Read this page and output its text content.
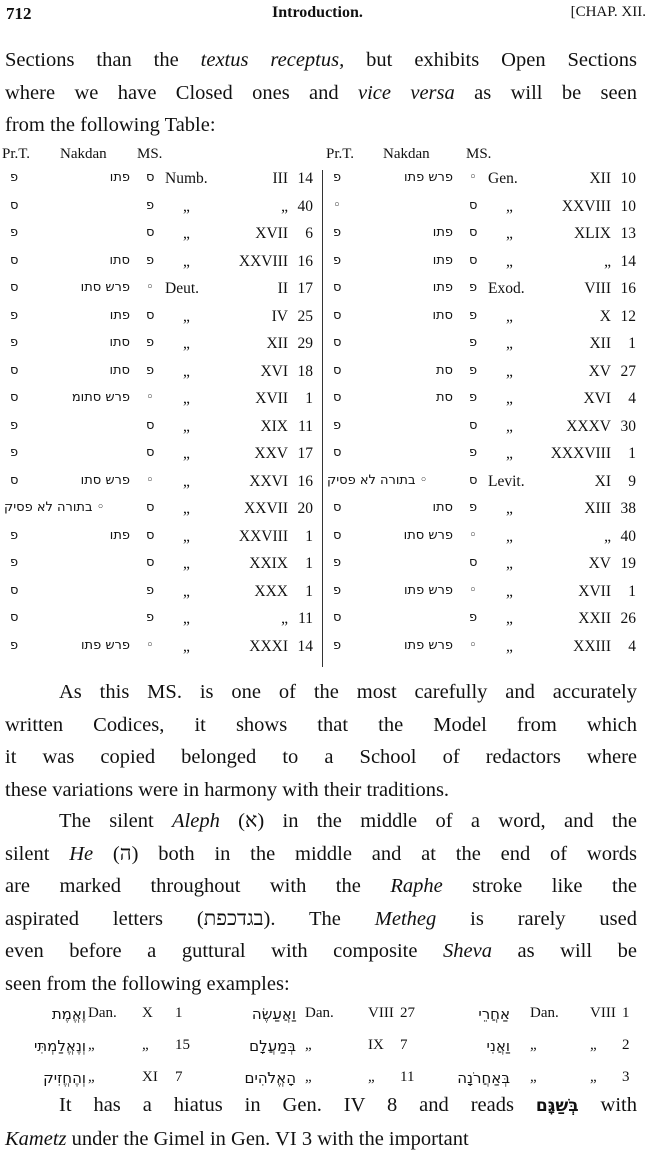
712	Introduction.	[CHAP. XII.
Sections than the textus receptus, but exhibits Open Sections
where we have Closed ones and vice versa as will be seen
from the following Table:
Pr.T. Nakdan MS.	Pr.T. Nakdan MS.
פ	פתו ס Numb.	III 14
ס	פ „	„ 40
פ	ס „	XVII 6
ס	סתו פ „	XXVIII 16
ס	פרש סתו ◦ Deut.	II 17
פ	פתו ס „	IV 25
פ	סתו פ „	XII 29
ס	סתו פ „	XVI 18
ס	פרש סתומ ◦ „	XVII 1
פ	ס „	XIX 11
פ	ס „	XXV 17
ס	פרש סתו ◦ „	XXVI 16
◦ בתורה לא פסיק	ס „	XXVII 20
פ	פתו ס „	XXVIII 1
פ	ס „	XXIX 1
ס	פ „	XXX 1
ס	פ „	„ 11
פ	פרש פתו ◦ „	XXXI 14
פ	פרש פתו ◦ Gen.	XII 10
◦	ס „	XXVIII 10
פ	פתו ס „	XLIX 13
פ	פתו ס „	„ 14
ס	פתו פ Exod.	VIII 16
ס	סתו פ „	X 12
ס	פ „	XII 1
ס	סת פ „	XV 27
ס	סת פ „	XVI 4
פ	ס „	XXXV 30
ס	פ „ XXXVIII 1
◦ בתורה לא פסיק	ס Levit.	XI 9
ס	סתו פ „	XIII 38
ס	פרש סתו ◦ „	„ 40
פ	ס „	XV 19
פ	פרש פתו ◦ „	XVII 1
ס	פ „	XXII 26
פ	פרש פתו ◦ „	XXIII 4
As this MS. is one of the most carefully and accurately
written Codices, it shows that the Model from which
it was copied belonged to a School of redactors where
these variations were in harmony with their traditions.
The silent Aleph (א) in the middle of a word, and the
silent He (ה) both in the middle and at the end of words
are marked throughout with the Raphe stroke like the
aspirated letters (בגדכפת). The Metheg is rarely used
even before a guttural with composite Sheva as will be
seen from the following examples:
וֶאֱמֶת Dan. X 1	וַאֲעַשֶׂה Dan. VIII 27	אַחֲרֵי Dan. VIII 1
וְנֶאֱלַמְתִּי „	„ 15	בְּמַעֲלָם „	IX 7	וַאֲנִי „	„ 2
וְהֶחֱזִיק „	XI 7	הָאֱלֹהִים „	„ 11	בְּאַחֲרֹנָה „	„ 3
It has a hiatus in Gen. IV 8 and reads בְּשַׁגָּם with
Kametz under the Gimel in Gen. VI 3 with the important
